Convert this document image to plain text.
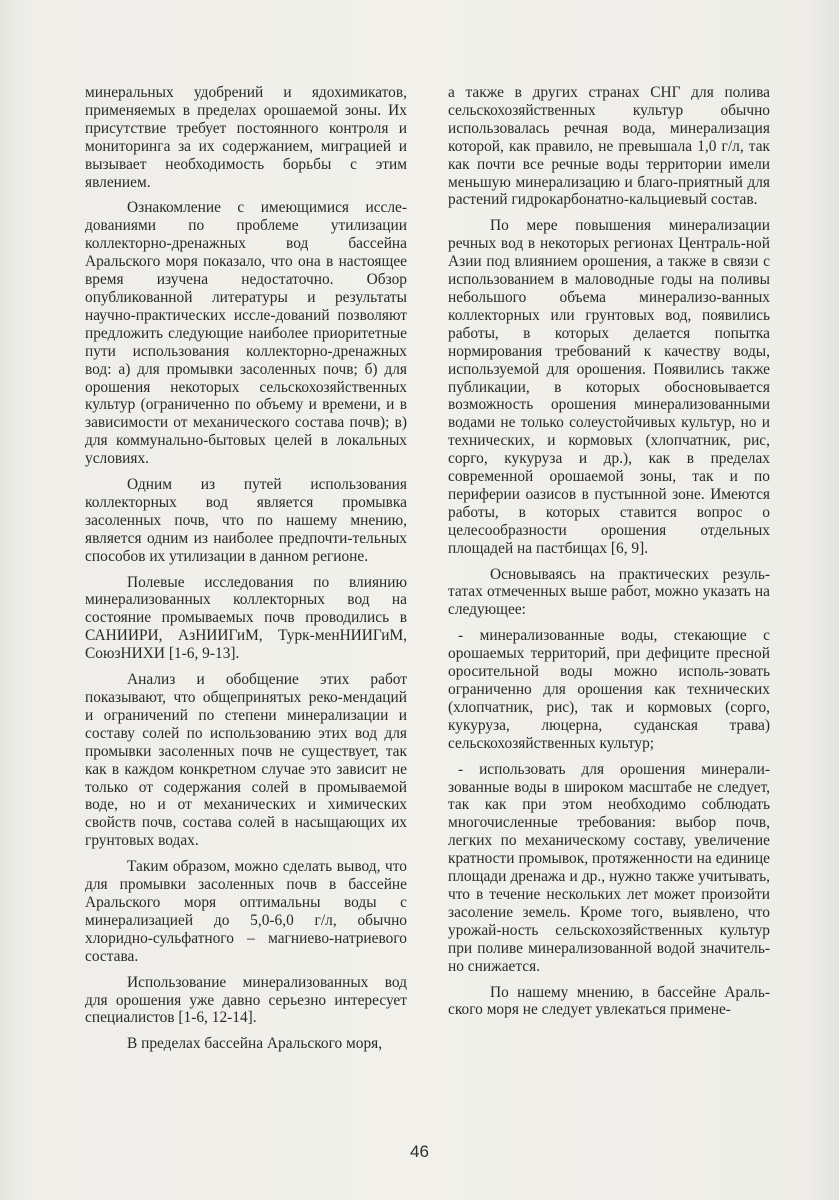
минеральных удобрений и ядохимикатов, применяемых в пределах орошаемой зоны. Их присутствие требует постоянного контроля и мониторинга за их содержанием, миграцией и вызывает необходимость борьбы с этим явлением.

Ознакомление с имеющимися иссле-дованиями по проблеме утилизации коллекторно-дренажных вод бассейна Аральского моря показало, что она в настоящее время изучена недостаточно. Обзор опубликованной литературы и результаты научно-практических иссле-дований позволяют предложить следующие наиболее приоритетные пути использования коллекторно-дренажных вод: а) для промывки засоленных почв; б) для орошения некоторых сельскохозяйственных культур (ограниченно по объему и времени, и в зависимости от механического состава почв); в) для коммунально-бытовых целей в локальных условиях.

Одним из путей использования коллекторных вод является промывка засоленных почв, что по нашему мнению, является одним из наиболее предпочти-тельных способов их утилизации в данном регионе.

Полевые исследования по влиянию минерализованных коллекторных вод на состояние промываемых почв проводились в САНИИРИ, АзНИИГиМ, Турк-менНИИГиМ, СоюзНИХИ [1-6, 9-13].

Анализ и обобщение этих работ показывают, что общепринятых реко-мендаций и ограничений по степени минерализации и составу солей по использованию этих вод для промывки засоленных почв не существует, так как в каждом конкретном случае это зависит не только от содержания солей в промываемой воде, но и от механических и химических свойств почв, состава солей в насыщающих их грунтовых водах.

Таким образом, можно сделать вывод, что для промывки засоленных почв в бассейне Аральского моря оптимальны воды с минерализацией до 5,0-6,0 г/л, обычно хлоридно-сульфатного – магниево-натриевого состава.

Использование минерализованных вод для орошения уже давно серьезно интересует специалистов [1-6, 12-14].

В пределах бассейна Аральского моря,

а также в других странах СНГ для полива сельскохозяйственных культур обычно использовалась речная вода, минерализация которой, как правило, не превышала 1,0 г/л, так как почти все речные воды территории имели меньшую минерализацию и благо-приятный для растений гидрокарбонатно-кальциевый состав.

По мере повышения минерализации речных вод в некоторых регионах Централь-ной Азии под влиянием орошения, а также в связи с использованием в маловодные годы на поливы небольшого объема минерализо-ванных коллекторных или грунтовых вод, появились работы, в которых делается попытка нормирования требований к качеству воды, используемой для орошения. Появились также публикации, в которых обосновывается возможность орошения минерализованными водами не только солеустойчивых культур, но и технических, и кормовых (хлопчатник, рис, сорго, кукуруза и др.), как в пределах современной орошаемой зоны, так и по периферии оазисов в пустынной зоне. Имеются работы, в которых ставится вопрос о целесообразности орошения отдельных площадей на пастбищах [6, 9].

Основываясь на практических резуль-татах отмеченных выше работ, можно указать на следующее:

- минерализованные воды, стекающие с орошаемых территорий, при дефиците пресной оросительной воды можно исполь-зовать ограниченно для орошения как технических (хлопчатник, рис), так и кормовых (сорго, кукуруза, люцерна, суданская трава) сельскохозяйственных культур;

- использовать для орошения минерали-зованные воды в широком масштабе не следует, так как при этом необходимо соблюдать многочисленные требования: выбор почв, легких по механическому составу, увеличение кратности промывок, протяженности на единице площади дренажа и др., нужно также учитывать, что в течение нескольких лет может произойти засоление земель. Кроме того, выявлено, что урожай-ность сельскохозяйственных культур при поливе минерализованной водой значитель-но снижается.

По нашему мнению, в бассейне Араль-ского моря не следует увлекаться примене-

46
